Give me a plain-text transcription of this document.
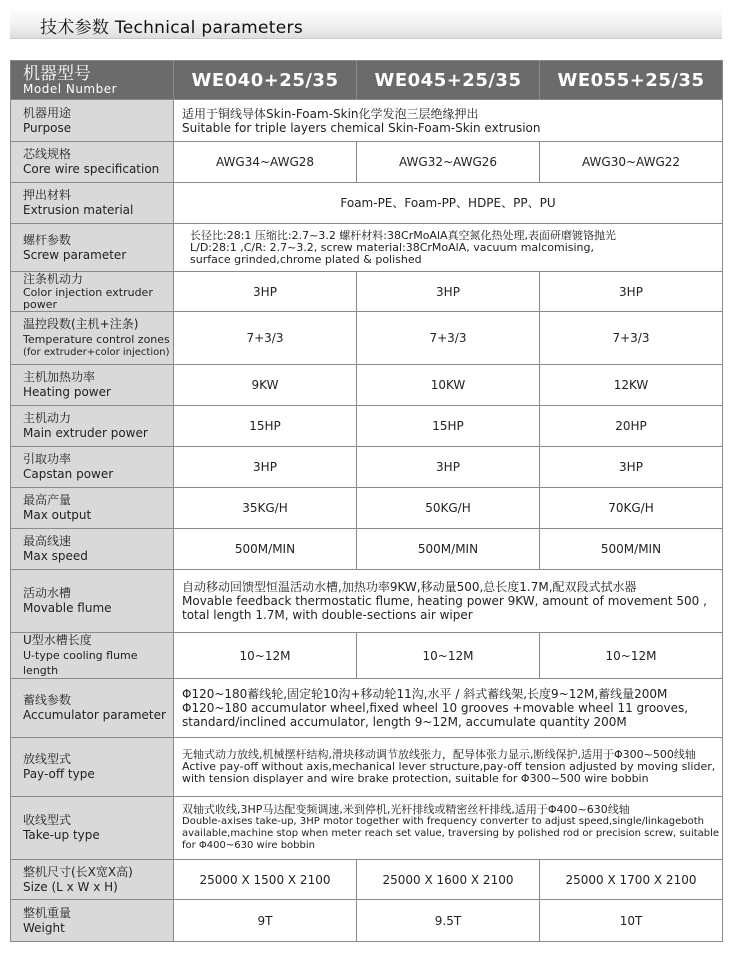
技术参数 Technical parameters
机器型号
Model Number	WE040+25/35	WE045+25/35	WE055+25/35

机器用途
Purpose	适用于铜线导体Skin-Foam-Skin化学发泡三层绝缘押出
Suitable for triple layers chemical Skin-Foam-Skin extrusion		

芯线规格
Core wire specification	AWG34~AWG28	AWG32~AWG26	AWG30~AWG22

押出材料
Extrusion material	Foam-PE、Foam-PP、HDPE、PP、PU		

螺杆参数
Screw parameter	长径比:28:1 压缩比:2.7~3.2 螺杆材料:38CrMoAlA真空氮化热处理,表面研磨镀铬抛光
L/D:28:1 ,C/R: 2.7~3.2, screw material:38CrMoAlA, vacuum malcomising,
surface grinded,chrome plated & polished		

注条机动力
Color injection extruder power	3HP	3HP	3HP

温控段数(主机+注条)
Temperature control zones
(for extruder+color injection)	7+3/3	7+3/3	7+3/3

主机加热功率
Heating power	9KW	10KW	12KW

主机动力
Main extruder power	15HP	15HP	20HP

引取功率
Capstan power	3HP	3HP	3HP

最高产量
Max output	35KG/H	50KG/H	70KG/H

最高线速
Max speed	500M/MIN	500M/MIN	500M/MIN

活动水槽
Movable flume	自动移动回馈型恒温活动水槽,加热功率9KW,移动量500,总长度1.7M,配双段式拭水器
Movable feedback thermostatic flume, heating power 9KW, amount of movement 500 ,
total length 1.7M, with double-sections air wiper		

U型水槽长度
U-type cooling flume length	10~12M	10~12M	10~12M

蓄线参数
Accumulator parameter	Φ120~180蓄线轮,固定轮10沟+移动轮11沟,水平 / 斜式蓄线架,长度9~12M,蓄线量200M
Φ120~180 accumulator wheel,fixed wheel 10 grooves +movable wheel 11 grooves,
standard/inclined accumulator, length 9~12M, accumulate quantity 200M		

放线型式
Pay-off type	无轴式动力放线,机械摆杆结构,滑块移动调节放线张力，配导体张力显示,断线保护,适用于Φ300~500线轴
Active pay-off without axis,mechanical lever structure,pay-off tension adjusted by moving slider,
with tension displayer and wire brake protection, suitable for Φ300~500 wire bobbin		

收线型式
Take-up type	双轴式收线,3HP马达配变频调速,米到停机,光杆排线或精密丝杆排线,适用于Φ400~630线轴
Double-axises take-up, 3HP motor together with frequency converter to adjust speed,single/linkageboth
available,machine stop when meter reach set value, traversing by polished rod or precision screw, suitable
for Φ400~630 wire bobbin		

整机尺寸(长X宽X高)
Size (L x W x H)	25000 X 1500 X 2100	25000 X 1600 X 2100	25000 X 1700 X 2100

整机重量
Weight	9T	9.5T	10T
